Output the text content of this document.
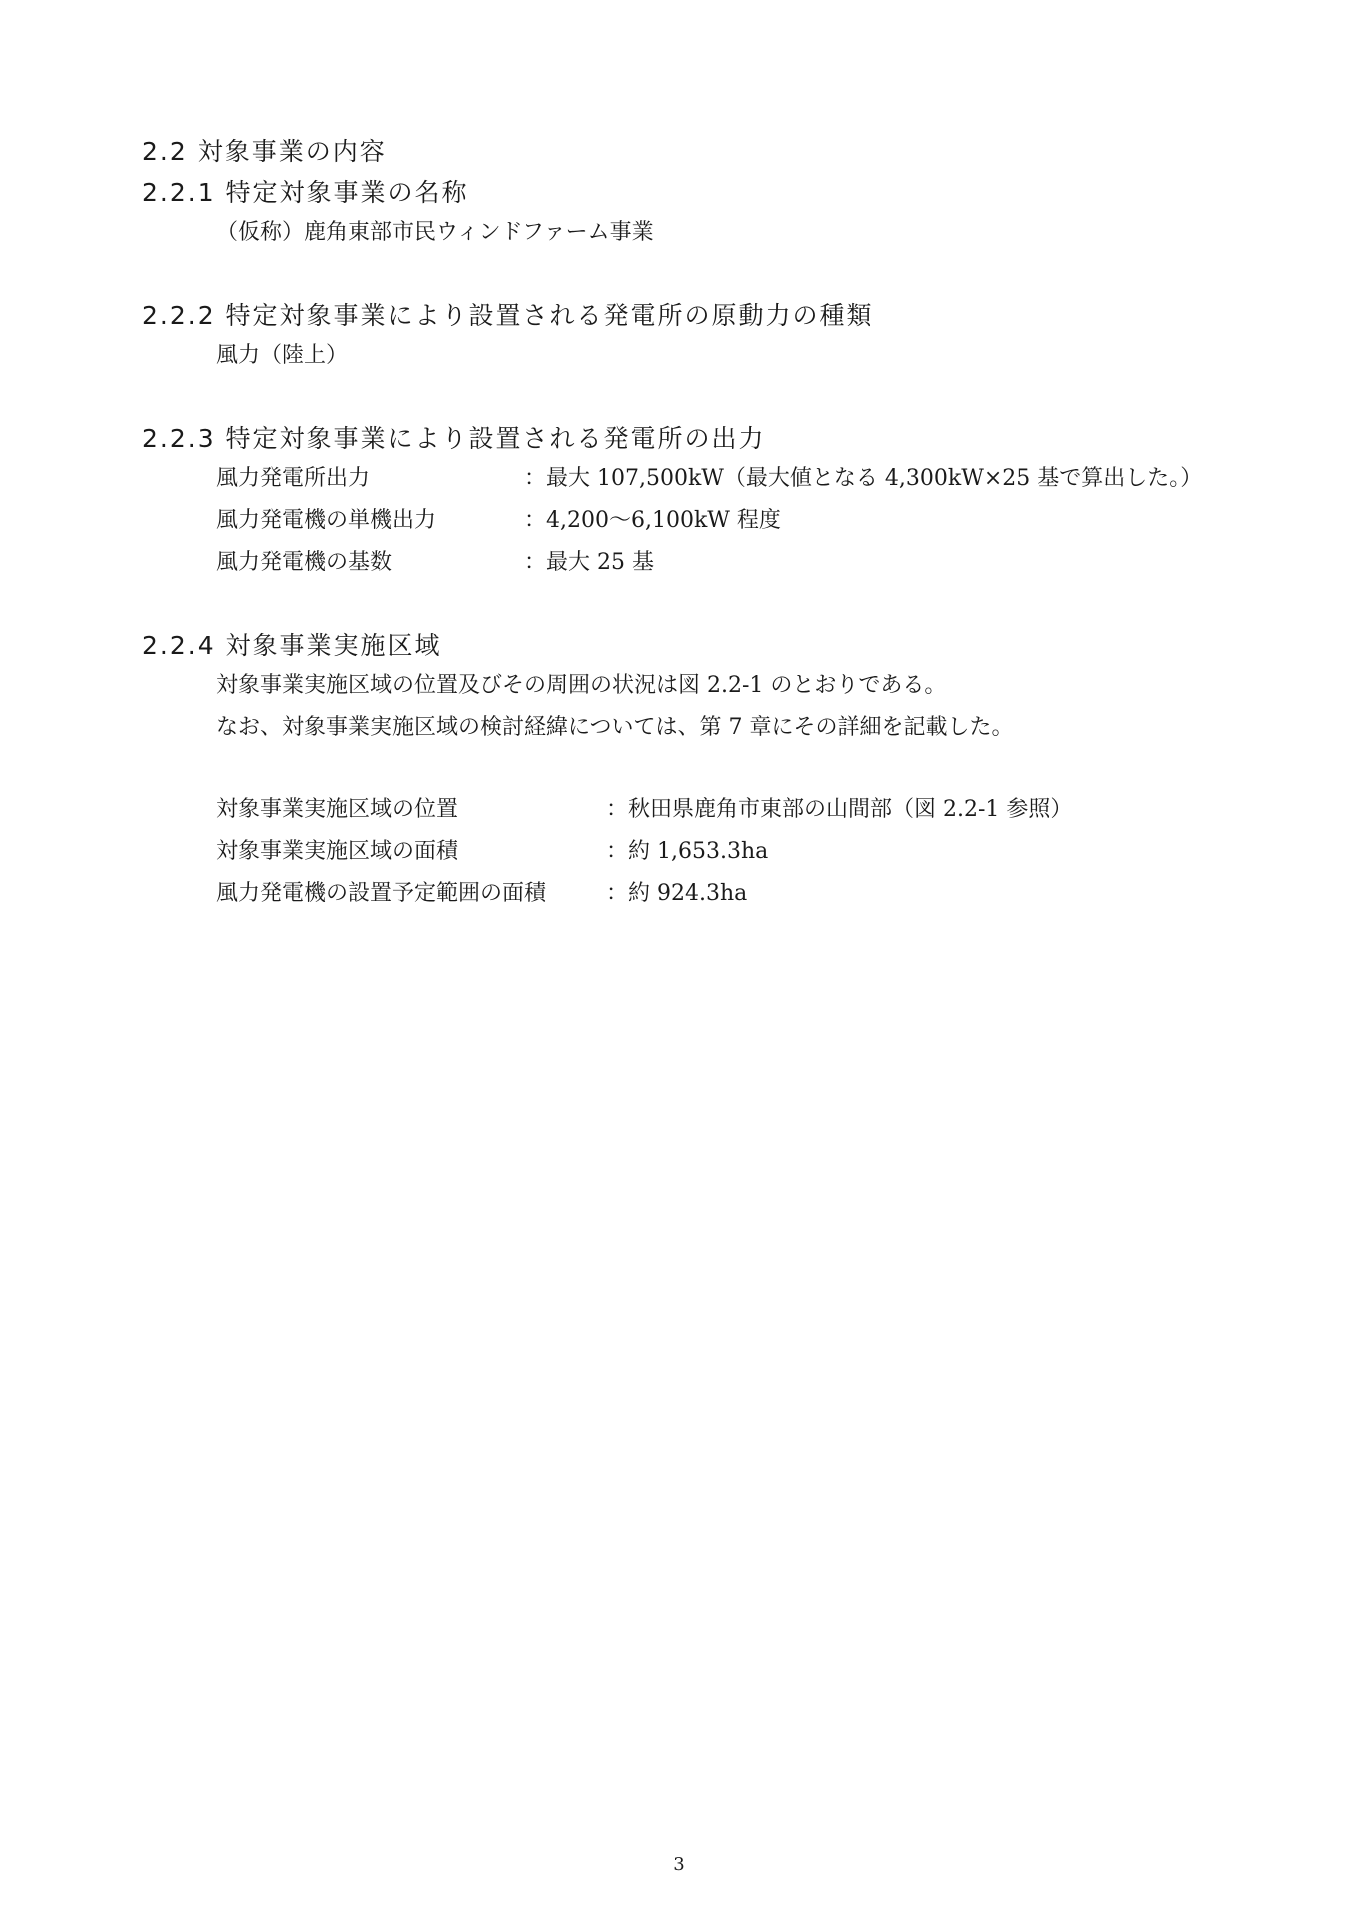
2.2 対象事業の内容
2.2.1 特定対象事業の名称
（仮称）鹿角東部市民ウィンドファーム事業
2.2.2 特定対象事業により設置される発電所の原動力の種類
風力（陸上）
2.2.3 特定対象事業により設置される発電所の出力
風力発電所出力	：最大 107,500kW（最大値となる 4,300kW×25 基で算出した。）
風力発電機の単機出力	：4,200～6,100kW 程度
風力発電機の基数	：最大 25 基
2.2.4 対象事業実施区域
対象事業実施区域の位置及びその周囲の状況は図 2.2-1 のとおりである。
なお、対象事業実施区域の検討経緯については、第 7 章にその詳細を記載した。
対象事業実施区域の位置	：秋田県鹿角市東部の山間部（図 2.2-1 参照）
対象事業実施区域の面積	：約 1,653.3ha
風力発電機の設置予定範囲の面積	：約 924.3ha
3
